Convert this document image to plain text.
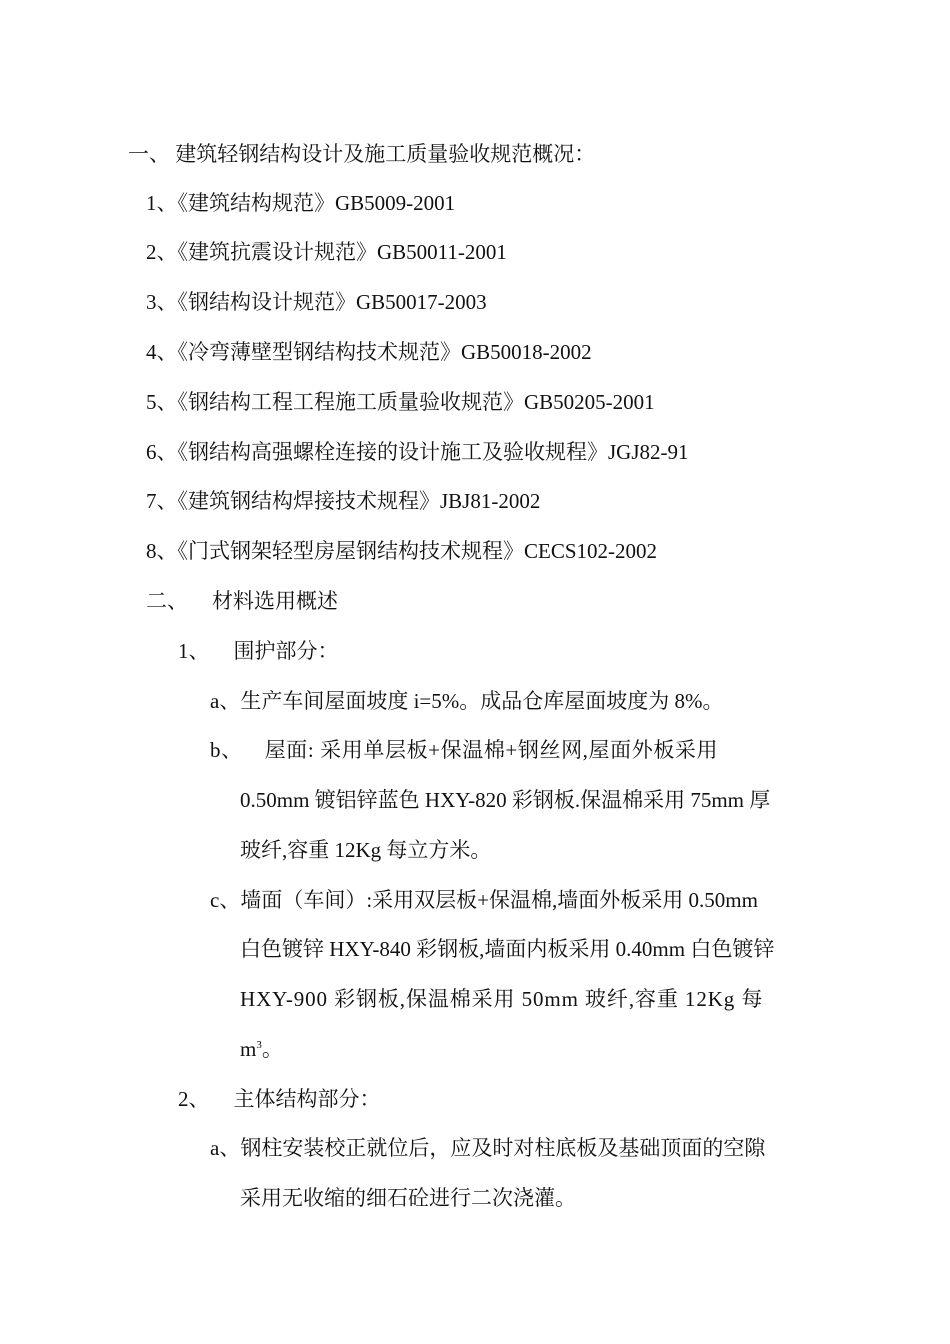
一、 建筑轻钢结构设计及施工质量验收规范概况：
1、《建筑结构规范》GB5009-2001
2、《建筑抗震设计规范》GB50011-2001
3、《钢结构设计规范》GB50017-2003
4、《冷弯薄壁型钢结构技术规范》GB50018-2002
5、《钢结构工程工程施工质量验收规范》GB50205-2001
6、《钢结构高强螺栓连接的设计施工及验收规程》JGJ82-91
7、《建筑钢结构焊接技术规程》JBJ81-2002
8、《门式钢架轻型房屋钢结构技术规程》CECS102-2002
二、 材料选用概述
1、 围护部分：
a、生产车间屋面坡度 i=5%。成品仓库屋面坡度为 8%。
b、 屋面: 采用单层板+保温棉+钢丝网,屋面外板采用
0.50mm 镀铝锌蓝色 HXY-820 彩钢板.保温棉采用 75mm 厚
玻纤,容重 12Kg 每立方米。
c、墙面（车间）:采用双层板+保温棉,墙面外板采用 0.50mm
白色镀锌 HXY-840 彩钢板,墙面内板采用 0.40mm 白色镀锌
HXY-900 彩钢板,保温棉采用 50mm 玻纤,容重 12Kg 每
$m^3$。
2、 主体结构部分：
a、钢柱安装校正就位后，应及时对柱底板及基础顶面的空隙
采用无收缩的细石砼进行二次浇灌。
